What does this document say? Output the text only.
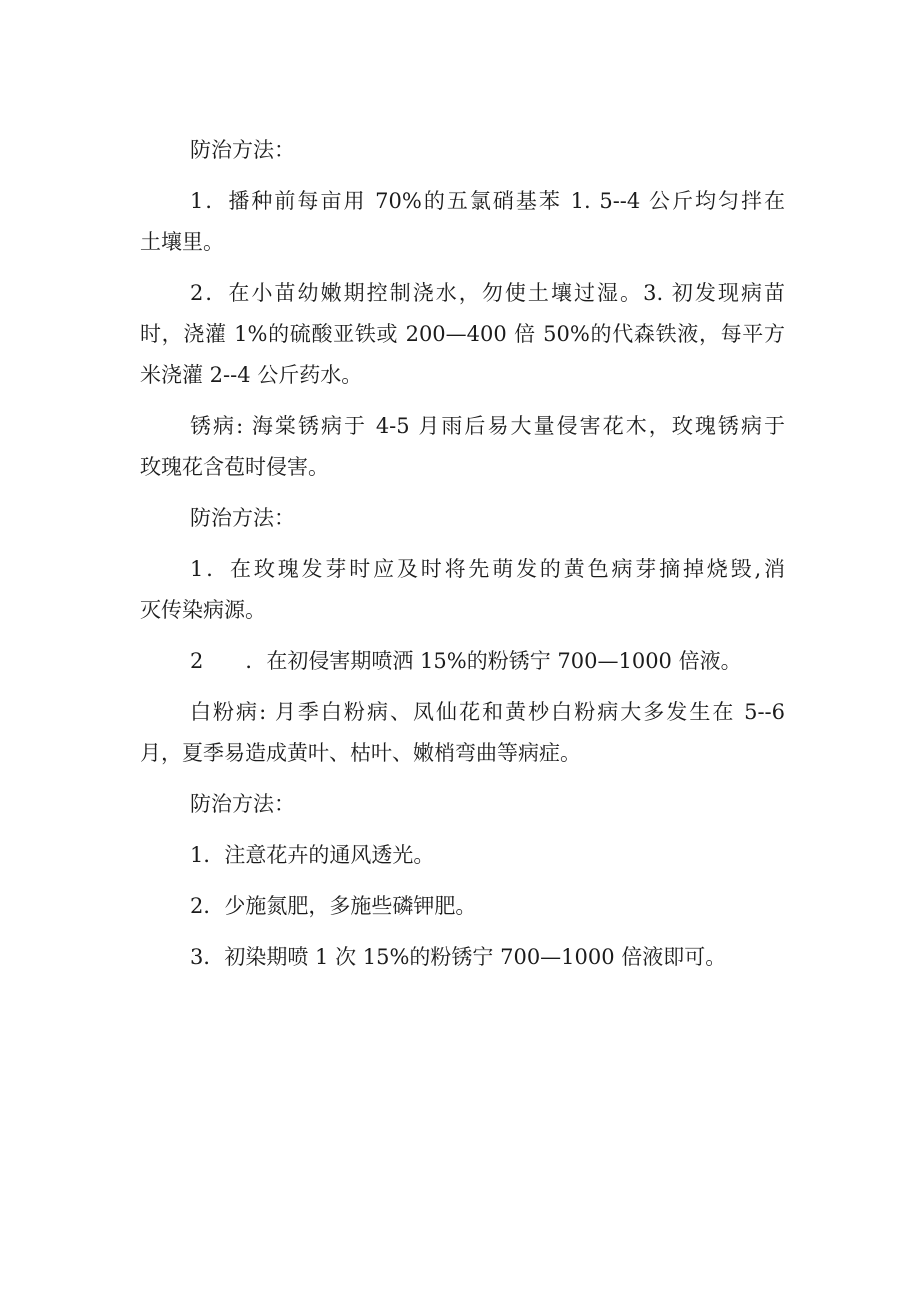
防治方法：
1．播种前每亩用 70%的五氯硝基苯 1. 5--4 公斤均匀拌在
土壤里。
2．在小苗幼嫩期控制浇水，勿使土壤过湿。3. 初发现病苗
时，浇灌 1%的硫酸亚铁或 200—400 倍 50%的代森铁液，每平方
米浇灌 2--4 公斤药水。
锈病: 海棠锈病于 4-5 月雨后易大量侵害花木，玫瑰锈病于
玫瑰花含苞时侵害。
防治方法：
1．在玫瑰发芽时应及时将先萌发的黄色病芽摘掉烧毁,消
灭传染病源。
2　　．在初侵害期喷洒 15%的粉锈宁 700—1000 倍液。
白粉病: 月季白粉病、凤仙花和黄杪白粉病大多发生在 5--6
月，夏季易造成黄叶、枯叶、嫩梢弯曲等病症。
防治方法：
1．注意花卉的通风透光。
2．少施氮肥，多施些磷钾肥。
3．初染期喷 1 次 15%的粉锈宁 700—1000 倍液即可。
